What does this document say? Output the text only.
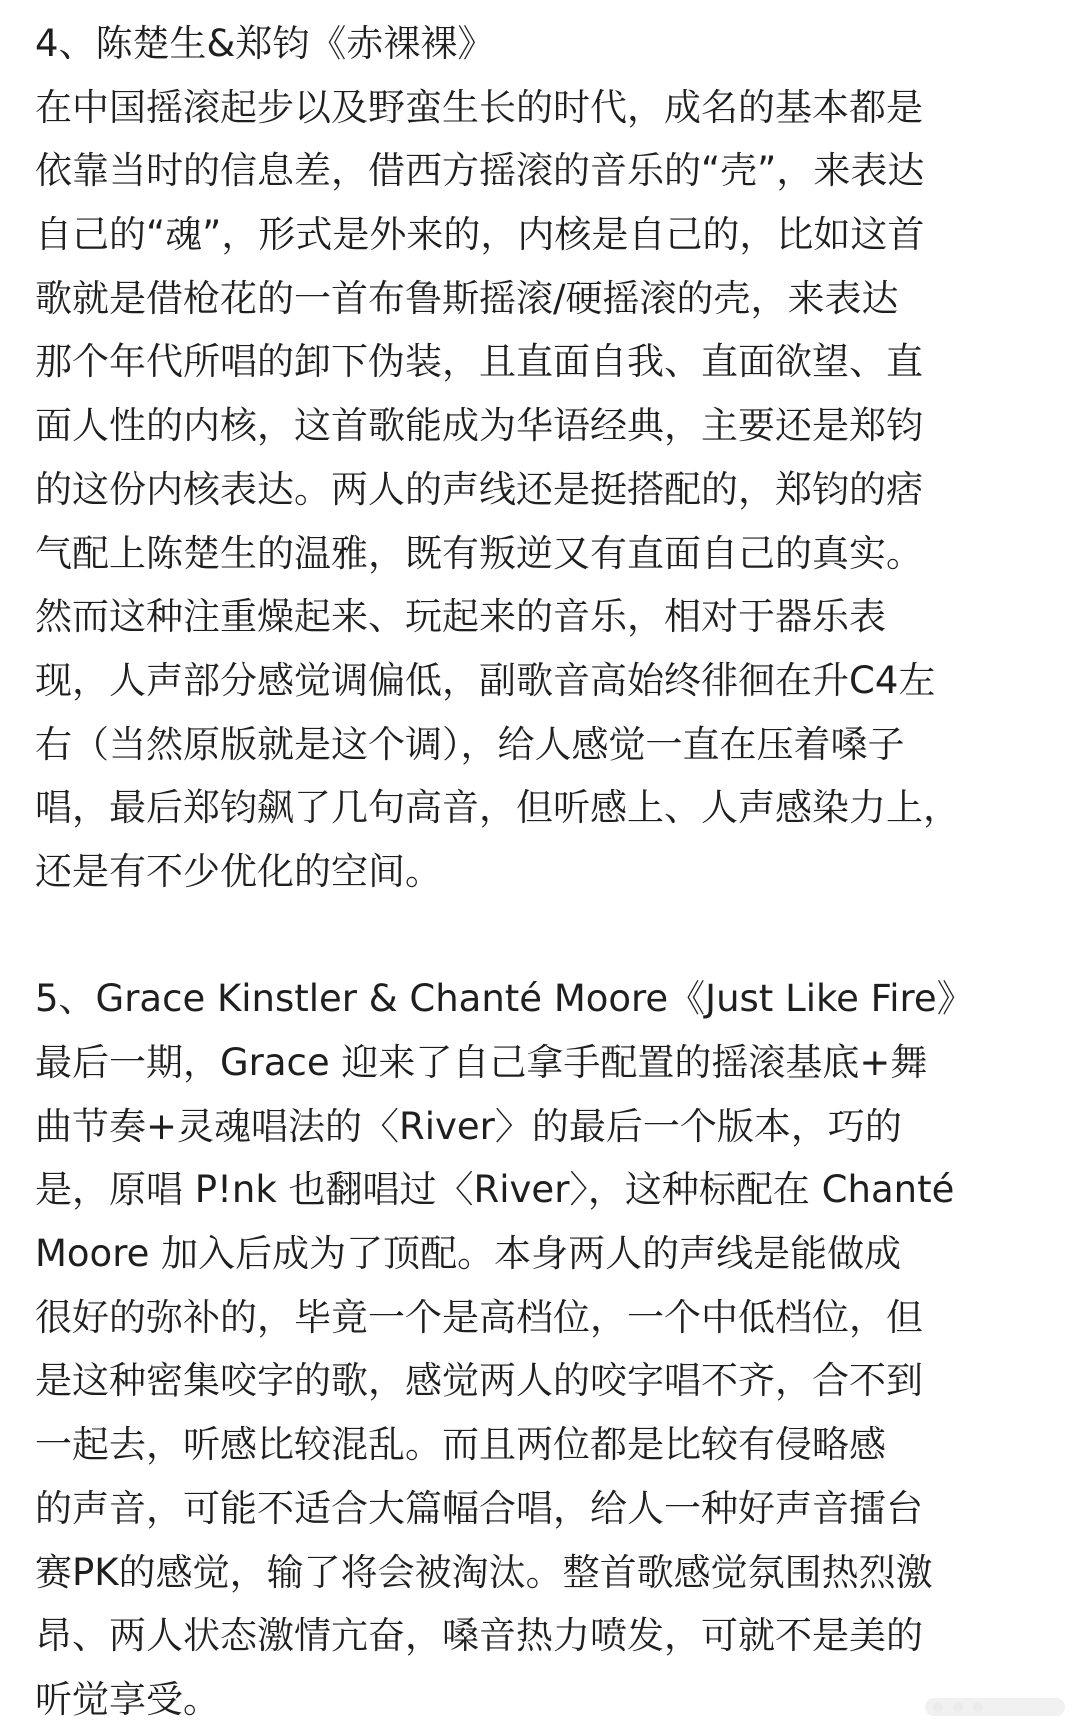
4、陈楚生&郑钧《赤裸裸》
在中国摇滚起步以及野蛮生长的时代，成名的基本都是
依靠当时的信息差，借西方摇滚的音乐的“壳”，来表达
自己的“魂”，形式是外来的，内核是自己的，比如这首
歌就是借枪花的一首布鲁斯摇滚/硬摇滚的壳，来表达
那个年代所唱的卸下伪装，且直面自我、直面欲望、直
面人性的内核，这首歌能成为华语经典，主要还是郑钧
的这份内核表达。两人的声线还是挺搭配的，郑钧的痞
气配上陈楚生的温雅，既有叛逆又有直面自己的真实。
然而这种注重燥起来、玩起来的音乐，相对于器乐表
现，人声部分感觉调偏低，副歌音高始终徘徊在升C4左
右（当然原版就是这个调），给人感觉一直在压着嗓子
唱，最后郑钧飙了几句高音，但听感上、人声感染力上，
还是有不少优化的空间。
5、Grace Kinstler & Chanté Moore《Just Like Fire》
最后一期，Grace 迎来了自己拿手配置的摇滚基底+舞
曲节奏+灵魂唱法的〈River〉的最后一个版本，巧的
是，原唱 P!nk 也翻唱过〈River〉，这种标配在 Chanté
Moore 加入后成为了顶配。本身两人的声线是能做成
很好的弥补的，毕竟一个是高档位，一个中低档位，但
是这种密集咬字的歌，感觉两人的咬字唱不齐，合不到
一起去，听感比较混乱。而且两位都是比较有侵略感
的声音，可能不适合大篇幅合唱，给人一种好声音擂台
赛PK的感觉，输了将会被淘汰。整首歌感觉氛围热烈激
昂、两人状态激情亢奋，嗓音热力喷发，可就不是美的
听觉享受。
